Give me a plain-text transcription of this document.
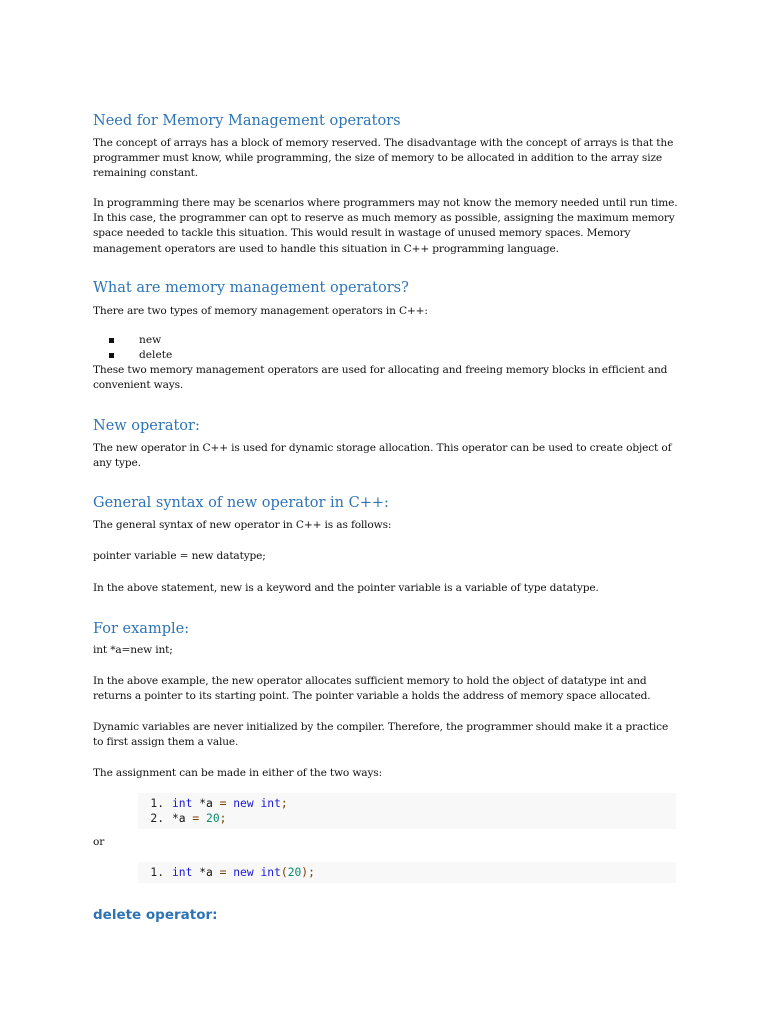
Need for Memory Management operators

The concept of arrays has a block of memory reserved. The disadvantage with the concept of arrays is that the programmer must know, while programming, the size of memory to be allocated in addition to the array size remaining constant.

In programming there may be scenarios where programmers may not know the memory needed until run time. In this case, the programmer can opt to reserve as much memory as possible, assigning the maximum memory space needed to tackle this situation. This would result in wastage of unused memory spaces. Memory management operators are used to handle this situation in C++ programming language.

What are memory management operators?

There are two types of memory management operators in C++:

new
delete

These two memory management operators are used for allocating and freeing memory blocks in efficient and convenient ways.

New operator:

The new operator in C++ is used for dynamic storage allocation. This operator can be used to create object of any type.

General syntax of new operator in C++:

The general syntax of new operator in C++ is as follows:

pointer variable = new datatype;

In the above statement, new is a keyword and the pointer variable is a variable of type datatype.

For example:

int *a=new int;

In the above example, the new operator allocates sufficient memory to hold the object of datatype int and returns a pointer to its starting point. The pointer variable a holds the address of memory space allocated.

Dynamic variables are never initialized by the compiler. Therefore, the programmer should make it a practice to first assign them a value.

The assignment can be made in either of the two ways:

1. int *a = new int;
2. *a = 20;

or

1. int *a = new int(20);
delete operator:
